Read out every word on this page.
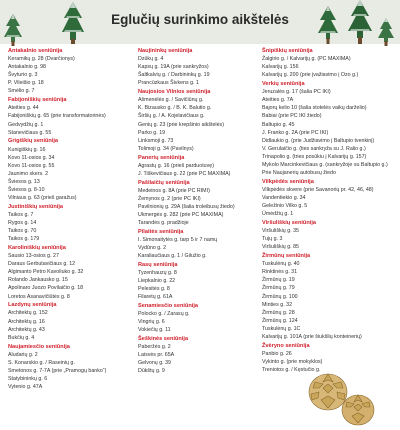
Eglučių surinkimo aikštelės
Antakalnio seniūnija
Keramikų g. 28 (Dvarčionys)
Antakalnio g. 98
Švyturio g. 3
P. Vileišio g. 18
Smėlio g. 7
Fabijoniškių seniūnija
Ateities g. 44
Fabijoniškių g. 65 (prie transformatorinės)
Gedvydžių g. 1
Stanevičiaus g. 55
Grigiškių seniūnija
Kunigiškių g. 16
Kovo 11-osios g. 34
Kovo 11-osios g. 55
Jaunimo skers. 2
Šviesos g. 13
Šviesos g. 8-10
Vilniaus g. 63 (prieš garažus)
Justiniškių seniūnija
Taikos g. 7
Rygos g. 14
Taikos g. 70
Taikos g. 179
Karoliniškių seniūnija
Sausio 13-osios g. 27
Daraus Gerbutavičiaus g. 12
Algimanto Petro Kavoliuko g. 32
Rolando Jankausko g. 15
Apolinaro Juozo Povilaičio g. 18
Loretos Asanavičiūtės g. 8
Lazdynų seniūnija
Architektų g. 152
Architektų g. 16
Architektų g. 43
Bukčių g. 4
Naujamiesčio seniūnija
Aludarių g. 2
S. Konarskio g. / Raseinių g.
Smetonos g. 7-7A (prie „Pramogų banko“)
Statybininkų g. 6
Vytenio g. 47A
Naujininkų seniūnija
Dzūkų g. 4
Kapsų g. 19A (prie sankryžos)
Šaltkalvių g. / Darbininkų g. 19
Prancūzkaus Šivkens g. 1
Naujosios Vilnios seniūnija
Ašmenėlės g. / Savičiūnų g.
K. Bizausko g. / B. K. Balutio g.
Širšių g. / A. Kojelavičiaus g.
Genių g. 23 (prie krepšinio aikštelės)
Parko g. 19
Linksmoji g. 73
Tolimoji g. 34 (Pavilnys)
Panerių seniūnija
Agrastų g. 16 (prieš parduotuvę)
J. Tiškevičiaus g. 22 (prie PC MAXIMA)
Pašilaičių seniūnija
Medeinos g. 8A (prie PC RIMI)
Žemynos g. 2 (prie PC IKI)
Pavilnionių g. 29A (šalia troleibusų žiedo)
Ukmergės g. 282 (prie PC MAXIMA)
Tarandės g. pradžioje
Pilaitės seniūnija
I. Simonaitytės g. tarp 5 ir 7 namų
Vydūno g. 2
Karaliaučiaus g. 1 / Gilužio g.
Rasų seniūnija
Tyzenhauzų g. 8
Liepkalnio g. 22
Pelesitės g. 8
Filaretų g. 61A
Senamiesčio seniūnija
Polocko g. / Zarasų g.
Vingrių g. 6
Vokiečių g. 11
Šeškinės seniūnija
Paberžės g. 2
Laisvės pr. 65A
Gelvonų g. 39
Dūkštų g. 9
Šnipiškių seniūnija
Žalgirio g. / Kalvarijų g. (PC MAXIMA)
Kalvarijų g. 156
Kalvarijų g. 200 (prie įvažiavimo į Ozo g.)
Verkių seniūnija
Jeruzalės g. 17 (šalia PC IKI)
Ateities g. 7A
Bajorų kelio 10 (šalia stotelės vaikų darželio)
Babiai (prie PC IKI žiedo)
Baltupio g. 45
J. Franko g. 2A (prie PC IKI)
Didlaukio g. (prie Judžiavimo į Baltupio tvenkinį)
V. Gerulaičio g. (ties sankryža su J. Ralio g.)
Trinapolio g. (tries posūkiu į Kalvarijų g. 157)
Mykolo Marcinkevičiaus g. (sankryžoje su Baltupio g.)
Prie Naujanerių autobusų žiedo
Vilkpėdės seniūnija
Vilkpėdės skvere (prie Savanorių pr. 42, 46, 48)
Vandentiekio g. 34
Geležinio Vilko g. 5
Ūmėdžių g. 1
Viršuliškių seniūnija
Viršuliškių g. 35
Tujų g. 3
Viršuliškių g. 85
Žirmūnų seniūnija
Tuskulėnų g. 40
Rinktinės g. 31
Žirmūnų g. 19
Žirmūnų g. 79
Žirmūnų g. 100
Minties g. 32
Žirmūnų g. 28
Žirmūnų g. 124
Tuskulėnų g. 1C
Kalvarijų g. 101A (prie šiukšlių konteinerių)
Žvėryno seniūnija
Panbio g. 26
Vykinto g. (prie mokyklos)
Treniotos g. / Kęstučio g.
